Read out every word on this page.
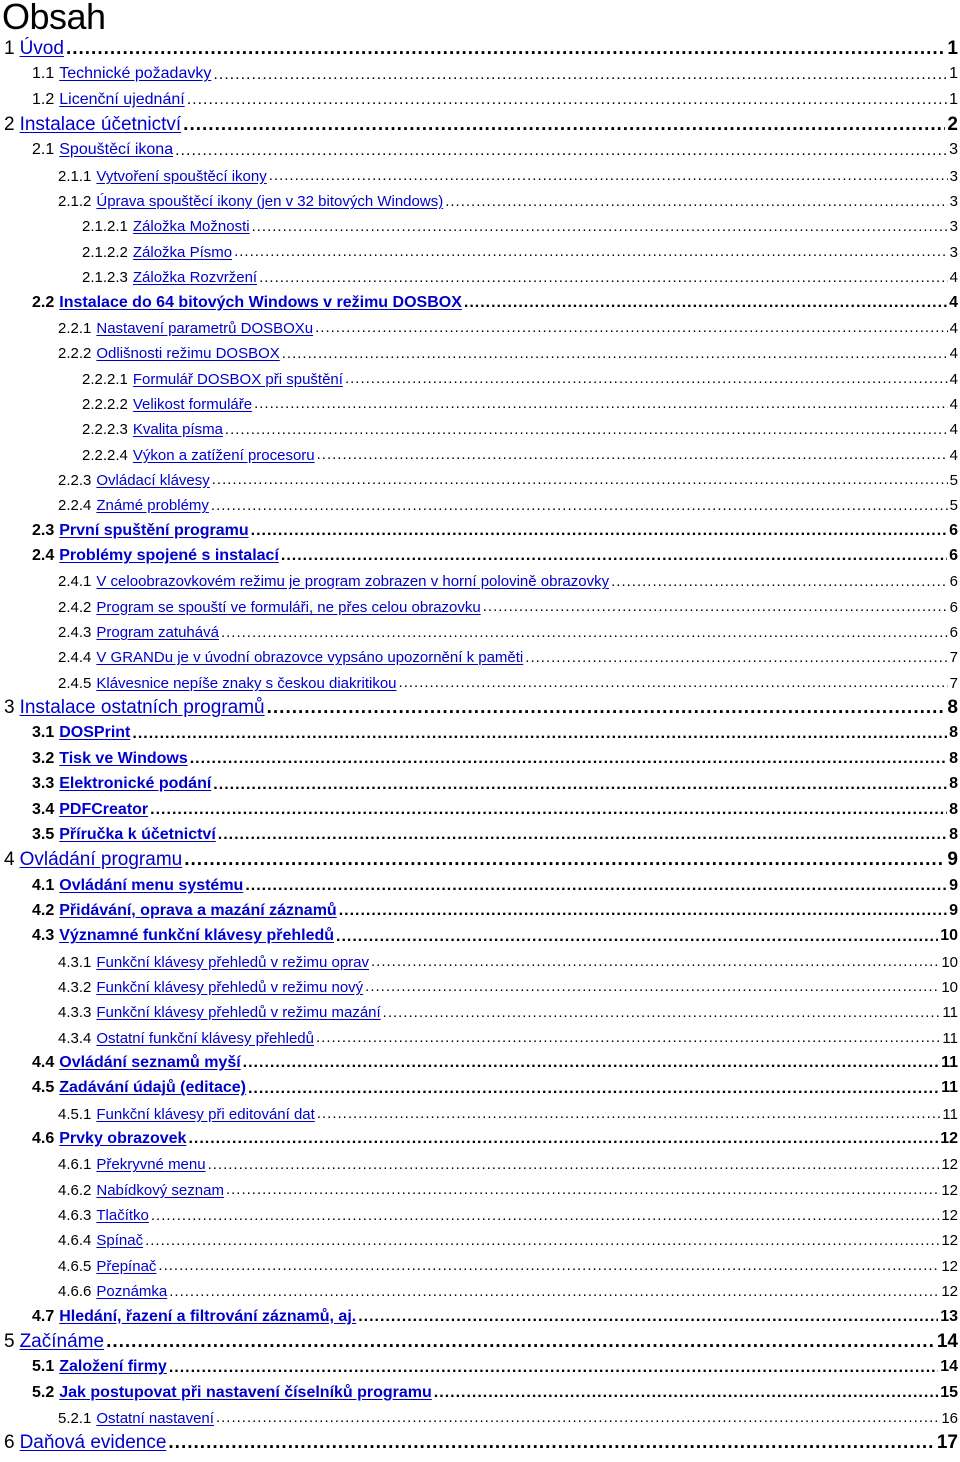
Obsah
1 Úvod .....	1
1.1 Technické požadavky .....	1
1.2 Licenční ujednání .....	1
2 Instalace účetnictví .....	2
2.1 Spouštěcí ikona .....	3
2.1.1 Vytvoření spouštěcí ikony .....	3
2.1.2 Úprava spouštěcí ikony (jen v 32 bitových Windows) .....	3
2.1.2.1 Záložka Možnosti .....	3
2.1.2.2 Záložka Písmo .....	3
2.1.2.3 Záložka Rozvržení .....	4
2.2 Instalace do 64 bitových Windows v režimu DOSBOX .....	4
2.2.1 Nastavení parametrů DOSBOXu .....	4
2.2.2 Odlišnosti režimu DOSBOX .....	4
2.2.2.1 Formulář DOSBOX při spuštění .....	4
2.2.2.2 Velikost formuláře .....	4
2.2.2.3 Kvalita písma .....	4
2.2.2.4 Výkon a zatížení procesoru .....	4
2.2.3 Ovládací klávesy .....	5
2.2.4 Známé problémy .....	5
2.3 První spuštění programu .....	6
2.4 Problémy spojené s instalací .....	6
2.4.1 V celoobrazovkovém režimu je program zobrazen v horní polovině obrazovky .....	6
2.4.2 Program se spouští ve formuláři, ne přes celou obrazovku .....	6
2.4.3 Program zatuhává .....	6
2.4.4 V GRANDu je v úvodní obrazovce vypsáno upozornění k paměti .....	7
2.4.5 Klávesnice nepíše znaky s českou diakritikou .....	7
3 Instalace ostatních programů .....	8
3.1 DOSPrint .....	8
3.2 Tisk ve Windows .....	8
3.3 Elektronické podání .....	8
3.4 PDFCreator .....	8
3.5 Příručka k účetnictví .....	8
4 Ovládání programu .....	9
4.1 Ovládání menu systému .....	9
4.2 Přidávání, oprava a mazání záznamů .....	9
4.3 Významné funkční klávesy přehledů .....	10
4.3.1 Funkční klávesy přehledů v režimu oprav .....	10
4.3.2 Funkční klávesy přehledů v režimu nový .....	10
4.3.3 Funkční klávesy přehledů v režimu mazání .....	11
4.3.4 Ostatní funkční klávesy přehledů .....	11
4.4 Ovládání seznamů myší .....	11
4.5 Zadávání údajů (editace) .....	11
4.5.1 Funkční klávesy při editování dat .....	11
4.6 Prvky obrazovek .....	12
4.6.1 Překryvné menu .....	12
4.6.2 Nabídkový seznam .....	12
4.6.3 Tlačítko .....	12
4.6.4 Spínač .....	12
4.6.5 Přepínač .....	12
4.6.6 Poznámka .....	12
4.7 Hledání, řazení a filtrování záznamů, aj. .....	13
5 Začínáme .....	14
5.1 Založení firmy .....	14
5.2 Jak postupovat při nastavení číselníků programu .....	15
5.2.1 Ostatní nastavení .....	16
6 Daňová evidence .....	17
